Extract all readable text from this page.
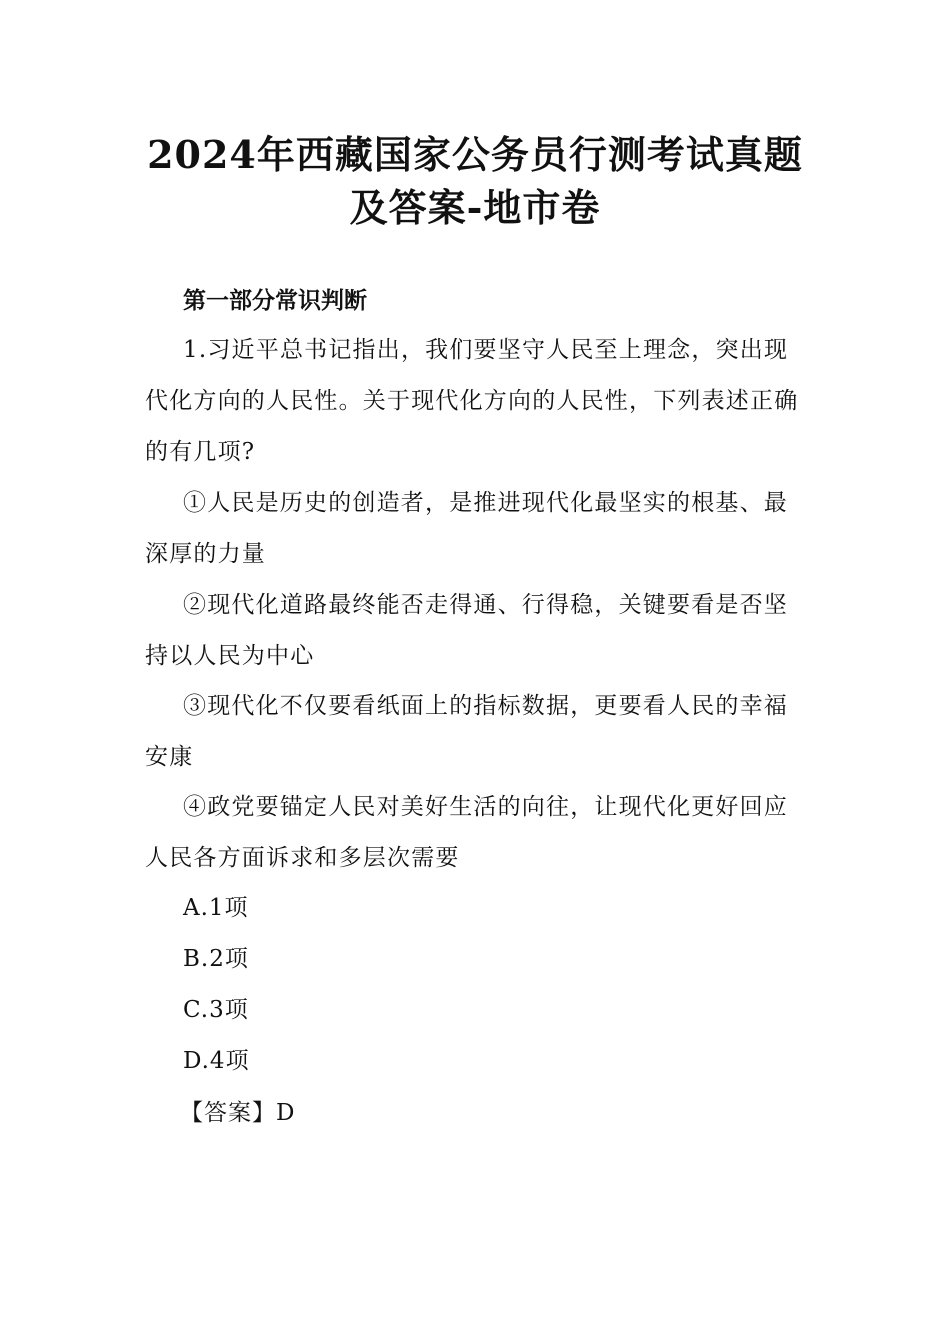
2024年西藏国家公务员行测考试真题及答案-地市卷
第一部分常识判断

1.习近平总书记指出，我们要坚守人民至上理念，突出现代化方向的人民性。关于现代化方向的人民性，下列表述正确的有几项?

①人民是历史的创造者，是推进现代化最坚实的根基、最深厚的力量

②现代化道路最终能否走得通、行得稳，关键要看是否坚持以人民为中心

③现代化不仅要看纸面上的指标数据，更要看人民的幸福安康

④政党要锚定人民对美好生活的向往，让现代化更好回应人民各方面诉求和多层次需要

A.1项
B.2项
C.3项
D.4项
【答案】D
